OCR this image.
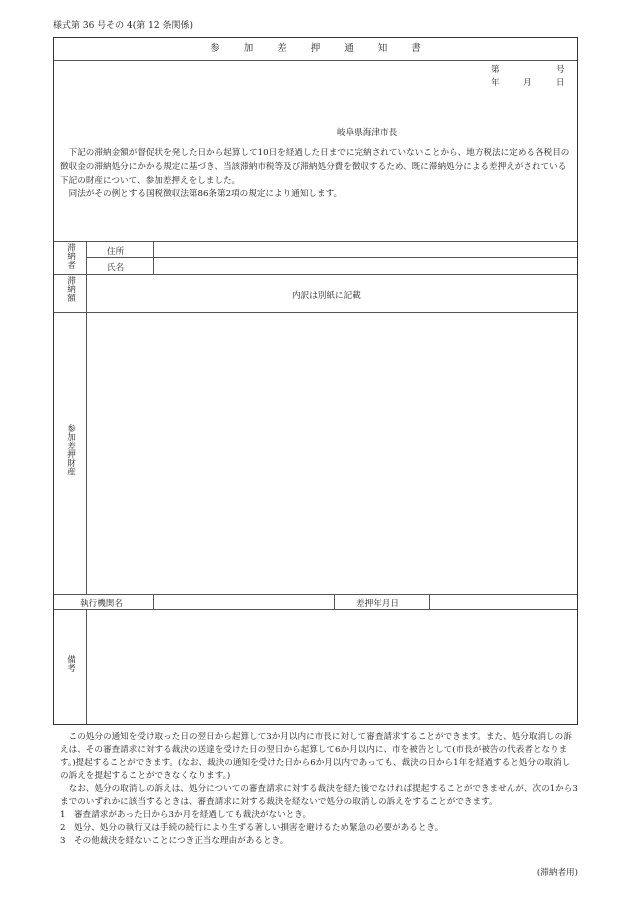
様式第 36 号その 4(第 12 条関係)
参	加	差	押	通	知	書
第	号
年	月	日
岐阜県海津市長

下記の滞納金額が督促状を発した日から起算して10日を経過した日までに完納されていないことから、地方税法に定める各税目の徴収金の滞納処分にかかる規定に基づき、当該滞納市税等及び滞納処分費を徴収するため、既に滞納処分による差押えがされている下記の財産について、参加差押えをしました。

同法がその例とする国税徴収法第86条第2項の規定により通知します。

滞納者	住所
氏名
滞納額	内訳は別紙に記載
参加差押財産
執行機関名	差押年月日
備考

この処分の通知を受け取った日の翌日から起算して3か月以内に市長に対して審査請求することができます。また、処分取消しの訴えは、その審査請求に対する裁決の送達を受けた日の翌日から起算して6か月以内に、市を被告として(市長が被告の代表者となります。)提起することができます。(なお、裁決の通知を受けた日から6か月以内であっても、裁決の日から1年を経過すると処分の取消しの訴えを提起することができなくなります。)

なお、処分の取消しの訴えは、処分についての審査請求に対する裁決を経た後でなければ提起することができませんが、次の1から3までのいずれかに該当するときは、審査請求に対する裁決を経ないで処分の取消しの訴えをすることができます。

1　審査請求があった日から3か月を経過しても裁決がないとき。

2　処分、処分の執行又は手続の続行により生ずる著しい損害を避けるため緊急の必要があるとき。

3　その他裁決を経ないことにつき正当な理由があるとき。

(滞納者用)
